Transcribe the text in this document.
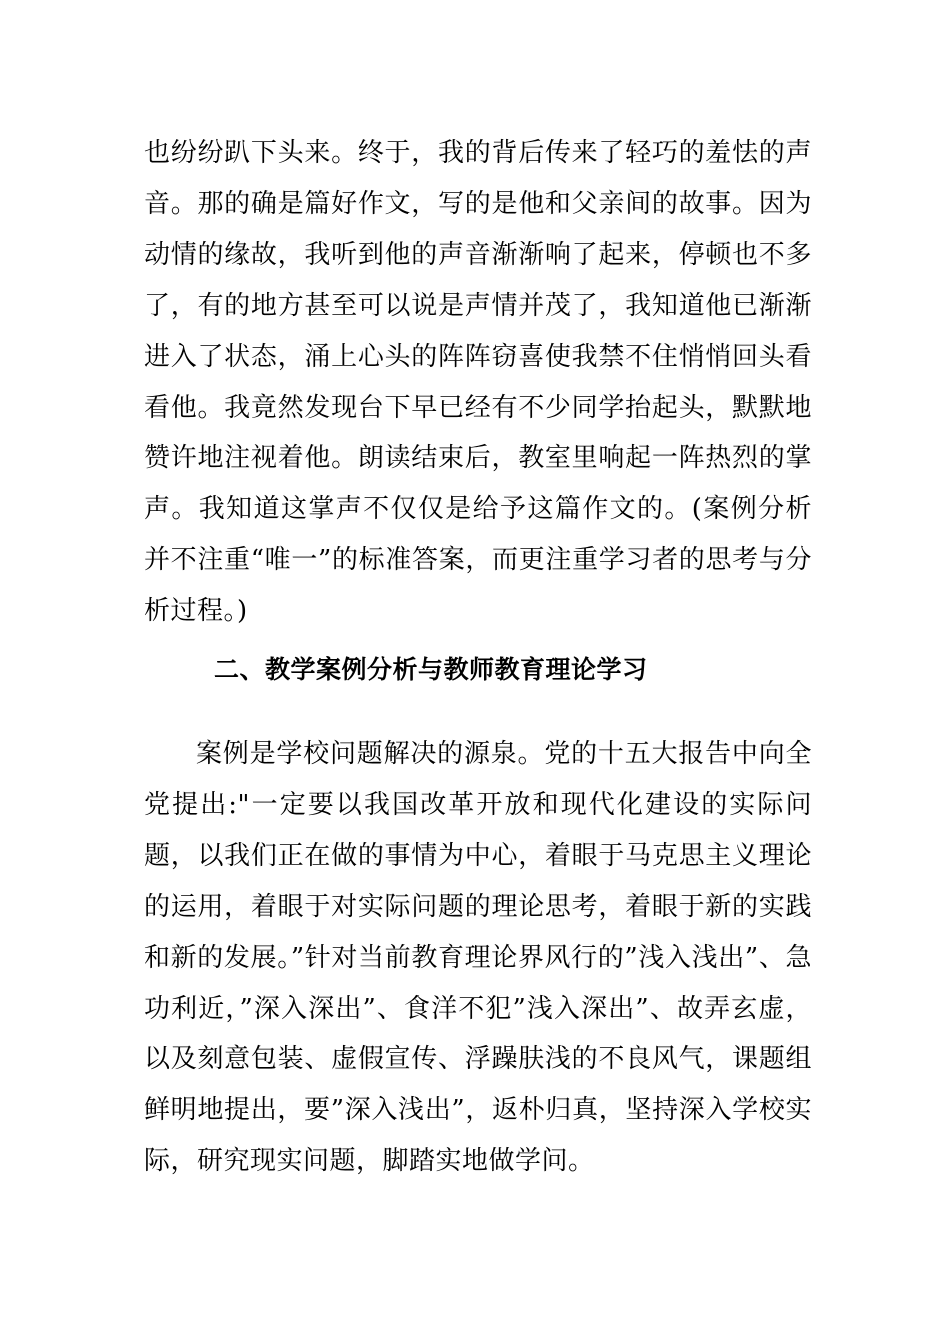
也纷纷趴下头来。终于，我的背后传来了轻巧的羞怯的声音。那的确是篇好作文，写的是他和父亲间的故事。因为动情的缘故，我听到他的声音渐渐响了起来，停顿也不多了，有的地方甚至可以说是声情并茂了，我知道他已渐渐进入了状态，涌上心头的阵阵窃喜使我禁不住悄悄回头看看他。我竟然发现台下早已经有不少同学抬起头，默默地赞许地注视着他。朗读结束后，教室里响起一阵热烈的掌声。我知道这掌声不仅仅是给予这篇作文的。(案例分析并不注重“唯一”的标准答案，而更注重学习者的思考与分析过程。)

二、教学案例分析与教师教育理论学习

案例是学校问题解决的源泉。党的十五大报告中向全党提出:"一定要以我国改革开放和现代化建设的实际问题，以我们正在做的事情为中心，着眼于马克思主义理论的运用，着眼于对实际问题的理论思考，着眼于新的实践和新的发展。”针对当前教育理论界风行的”浅入浅出”、急功利近，”深入深出”、食洋不犯”浅入深出”、故弄玄虚，以及刻意包装、虚假宣传、浮躁肤浅的不良风气，课题组鲜明地提出，要”深入浅出”，返朴归真，坚持深入学校实际，研究现实问题，脚踏实地做学问。
